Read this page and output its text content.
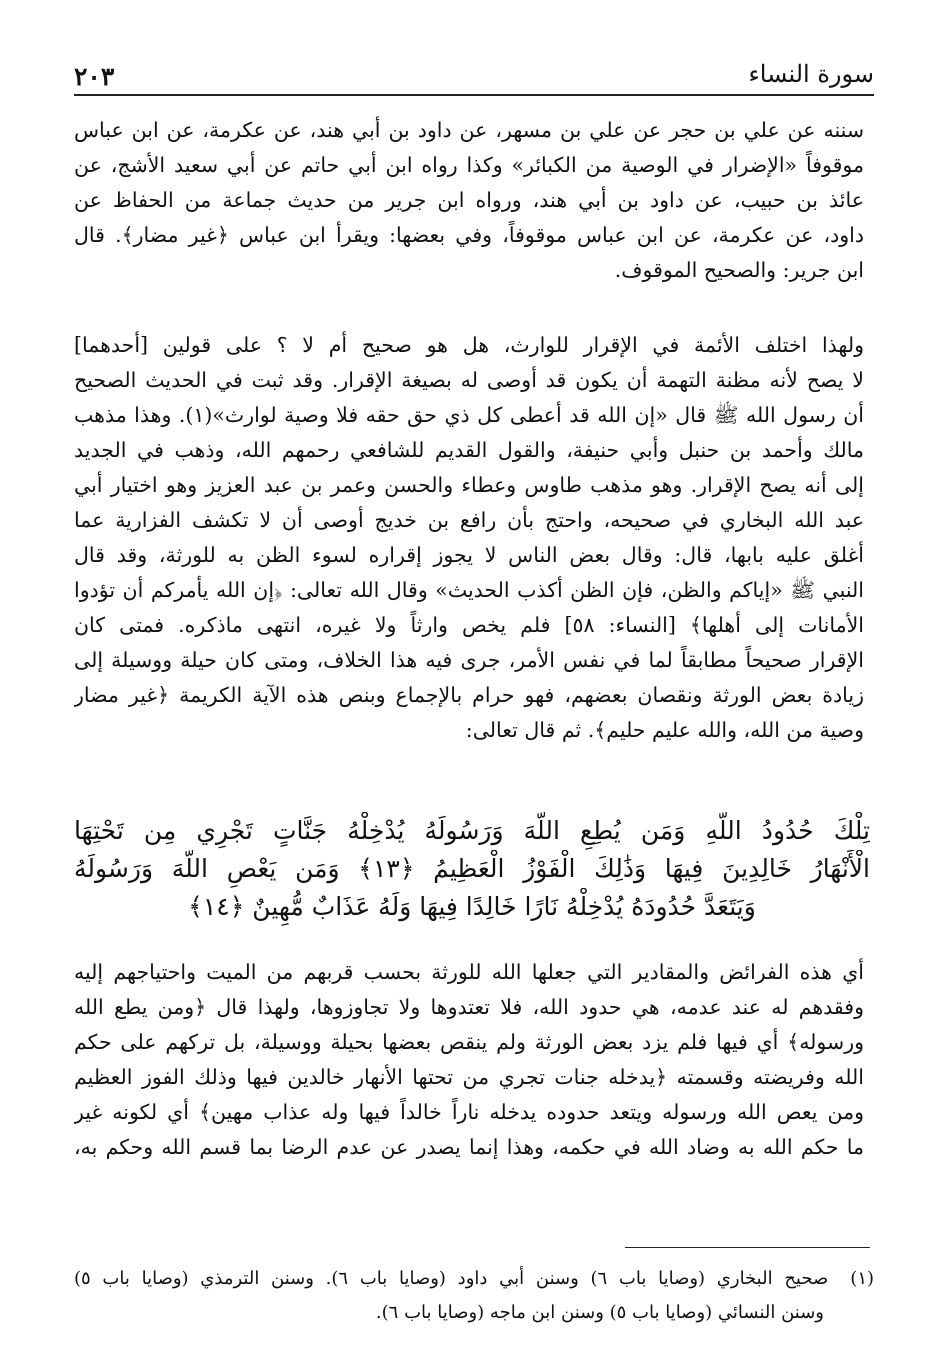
٢٠٣	سورة النساء
سننه عن علي بن حجر عن علي بن مسهر، عن داود بن أبي هند، عن عكرمة، عن ابن عباس
موقوفاً «الإضرار في الوصية من الكبائر» وكذا رواه ابن أبي حاتم عن أبي سعيد الأشج، عن
عائذ بن حبيب، عن داود بن أبي هند، ورواه ابن جرير من حديث جماعة من الحفاظ عن
داود، عن عكرمة، عن ابن عباس موقوفاً، وفي بعضها: ويقرأ ابن عباس ﴿غير مضار﴾. قال
ابن جرير: والصحيح الموقوف.
ولهذا اختلف الأئمة في الإقرار للوارث، هل هو صحيح أم لا ؟ على قولين [أحدهما]
لا يصح لأنه مظنة التهمة أن يكون قد أوصى له بصيغة الإقرار. وقد ثبت في الحديث الصحيح
أن رسول الله ﷺ قال «إن الله قد أعطى كل ذي حق حقه فلا وصية لوارث»(١). وهذا مذهب
مالك وأحمد بن حنبل وأبي حنيفة، والقول القديم للشافعي رحمهم الله، وذهب في الجديد
إلى أنه يصح الإقرار. وهو مذهب طاوس وعطاء والحسن وعمر بن عبد العزيز وهو اختيار أبي
عبد الله البخاري في صحيحه، واحتج بأن رافع بن خديج أوصى أن لا تكشف الفزارية عما
أغلق عليه بابها، قال: وقال بعض الناس لا يجوز إقراره لسوء الظن به للورثة، وقد قال
النبي ﷺ «إياكم والظن، فإن الظن أكذب الحديث» وقال الله تعالى: ﴿إن الله يأمركم أن تؤدوا
الأمانات إلى أهلها﴾ [النساء: ٥٨] فلم يخص وارثاً ولا غيره، انتهى ماذكره. فمتى كان
الإقرار صحيحاً مطابقاً لما في نفس الأمر، جرى فيه هذا الخلاف، ومتى كان حيلة ووسيلة إلى
زيادة بعض الورثة ونقصان بعضهم، فهو حرام بالإجماع وبنص هذه الآية الكريمة ﴿غير مضار
وصية من الله، والله عليم حليم﴾. ثم قال تعالى:
تِلْكَ حُدُودُ اللَّهِ وَمَن يُطِعِ اللَّهَ وَرَسُولَهُ يُدْخِلْهُ جَنَّاتٍ تَجْرِي مِن تَحْتِهَا
الْأَنْهَارُ خَالِدِينَ فِيهَا وَذَٰلِكَ الْفَوْزُ الْعَظِيمُ ﴿١٣﴾ وَمَن يَعْصِ اللَّهَ وَرَسُولَهُ
وَيَتَعَدَّ حُدُودَهُ يُدْخِلْهُ نَارًا خَالِدًا فِيهَا وَلَهُ عَذَابٌ مُّهِينٌ ﴿١٤﴾
أي هذه الفرائض والمقادير التي جعلها الله للورثة بحسب قربهم من الميت واحتياجهم إليه
وفقدهم له عند عدمه، هي حدود الله، فلا تعتدوها ولا تجاوزوها، ولهذا قال ﴿ومن يطع الله
ورسوله﴾ أي فيها فلم يزد بعض الورثة ولم ينقص بعضها بحيلة ووسيلة، بل تركهم على حكم
الله وفريضته وقسمته ﴿يدخله جنات تجري من تحتها الأنهار خالدين فيها وذلك الفوز العظيم
ومن يعص الله ورسوله ويتعد حدوده يدخله ناراً خالداً فيها وله عذاب مهين﴾ أي لكونه غير
ما حكم الله به وضاد الله في حكمه، وهذا إنما يصدر عن عدم الرضا بما قسم الله وحكم به،
(١)صحيح البخاري (وصايا باب ٦) وسنن أبي داود (وصايا باب ٦). وسنن الترمذي (وصايا باب ٥)
وسنن النسائي (وصايا باب ٥) وسنن ابن ماجه (وصايا باب ٦).
